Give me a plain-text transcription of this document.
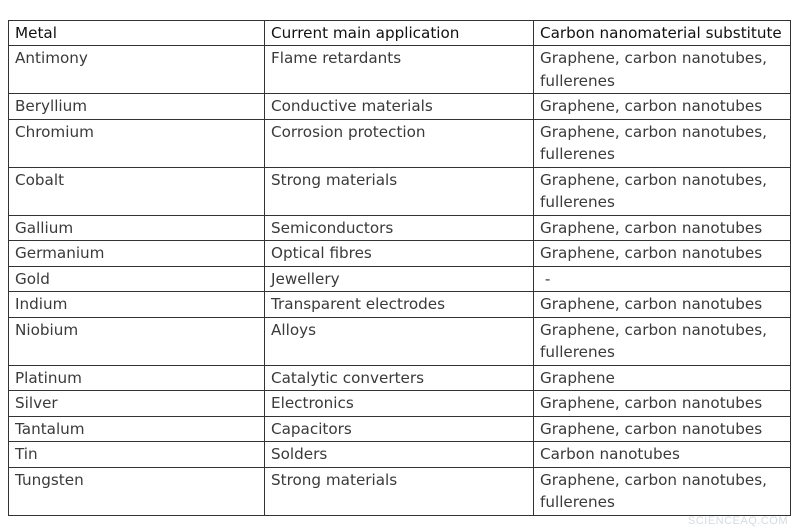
Metal	Current main application	Carbon nanomaterial substitute
Antimony	Flame retardants	Graphene, carbon nanotubes, fullerenes
Beryllium	Conductive materials	Graphene, carbon nanotubes
Chromium	Corrosion protection	Graphene, carbon nanotubes, fullerenes
Cobalt	Strong materials	Graphene, carbon nanotubes, fullerenes
Gallium	Semiconductors	Graphene, carbon nanotubes
Germanium	Optical fibres	Graphene, carbon nanotubes
Gold	Jewellery	-
Indium	Transparent electrodes	Graphene, carbon nanotubes
Niobium	Alloys	Graphene, carbon nanotubes, fullerenes
Platinum	Catalytic converters	Graphene
Silver	Electronics	Graphene, carbon nanotubes
Tantalum	Capacitors	Graphene, carbon nanotubes
Tin	Solders	Carbon nanotubes
Tungsten	Strong materials	Graphene, carbon nanotubes, fullerenes
SCIENCEAQ.COM
